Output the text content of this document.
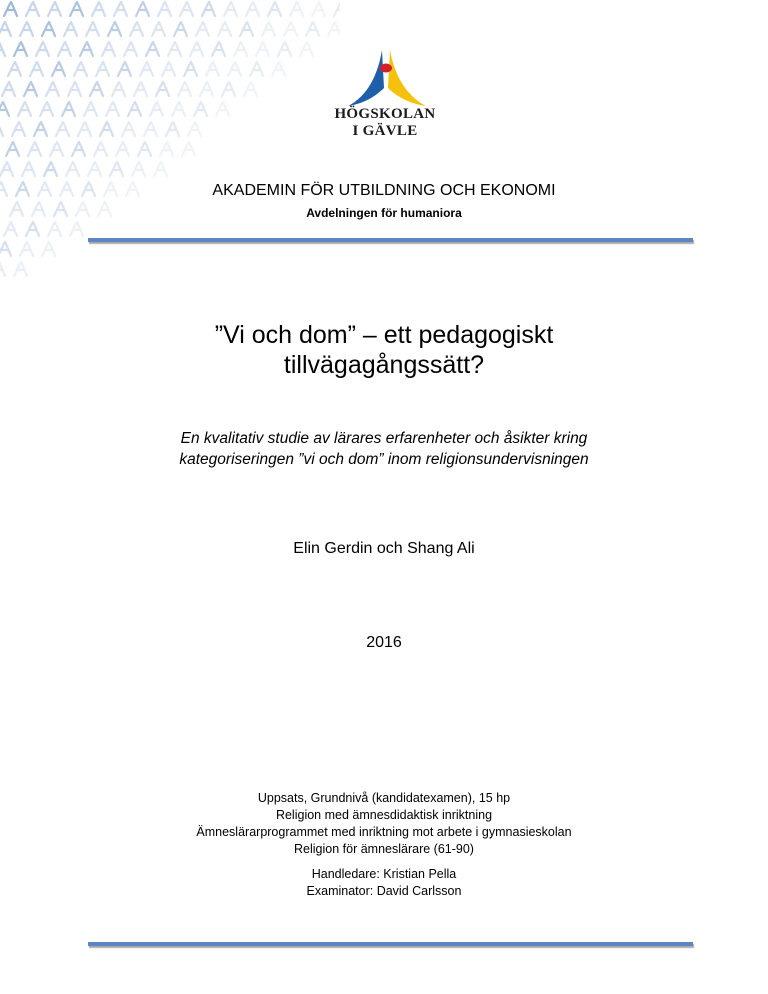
HÖGSKOLAN
I GÄVLE
AKADEMIN FÖR UTBILDNING OCH EKONOMI
Avdelningen för humaniora
”Vi och dom” – ett pedagogiskt
tillvägagångssätt?
En kvalitativ studie av lärares erfarenheter och åsikter kring
kategoriseringen ”vi och dom” inom religionsundervisningen
Elin Gerdin och Shang Ali
2016
Uppsats, Grundnivå (kandidatexamen), 15 hp
Religion med ämnesdidaktisk inriktning
Ämneslärarprogrammet med inriktning mot arbete i gymnasieskolan
Religion för ämneslärare (61-90)
Handledare: Kristian Pella
Examinator: David Carlsson
